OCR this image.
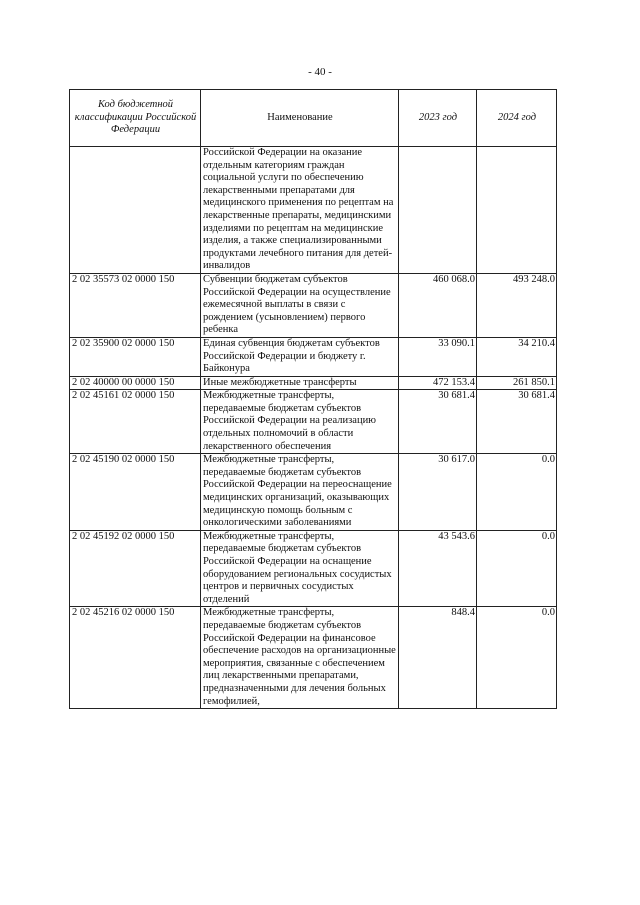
- 40 -
Код бюджетной классификации Российской Федерации	Наименование	2023 год	2024 год
	Российской Федерации на оказание отдельным категориям граждан социальной услуги по обеспечению лекарственными препаратами для медицинского применения по рецептам на лекарственные препараты, медицинскими изделиями по рецептам на медицинские изделия, а также специализированными продуктами лечебного питания для детей-инвалидов		
2 02 35573 02 0000 150	Субвенции бюджетам субъектов Российской Федерации на осуществление ежемесячной выплаты в связи с рождением (усыновлением) первого ребенка	460 068.0	493 248.0
2 02 35900 02 0000 150	Единая субвенция бюджетам субъектов Российской Федерации и бюджету г. Байконура	33 090.1	34 210.4
2 02 40000 00 0000 150	Иные межбюджетные трансферты	472 153.4	261 850.1
2 02 45161 02 0000 150	Межбюджетные трансферты, передаваемые бюджетам субъектов Российской Федерации на реализацию отдельных полномочий в области лекарственного обеспечения	30 681.4	30 681.4
2 02 45190 02 0000 150	Межбюджетные трансферты, передаваемые бюджетам субъектов Российской Федерации на переоснащение медицинских организаций, оказывающих медицинскую помощь больным с онкологическими заболеваниями	30 617.0	0.0
2 02 45192 02 0000 150	Межбюджетные трансферты, передаваемые бюджетам субъектов Российской Федерации на оснащение оборудованием региональных сосудистых центров и первичных сосудистых отделений	43 543.6	0.0
2 02 45216 02 0000 150	Межбюджетные трансферты, передаваемые бюджетам субъектов Российской Федерации на финансовое обеспечение расходов на организационные мероприятия, связанные с обеспечением лиц лекарственными препаратами, предназначенными для лечения больных гемофилией,	848.4	0.0
